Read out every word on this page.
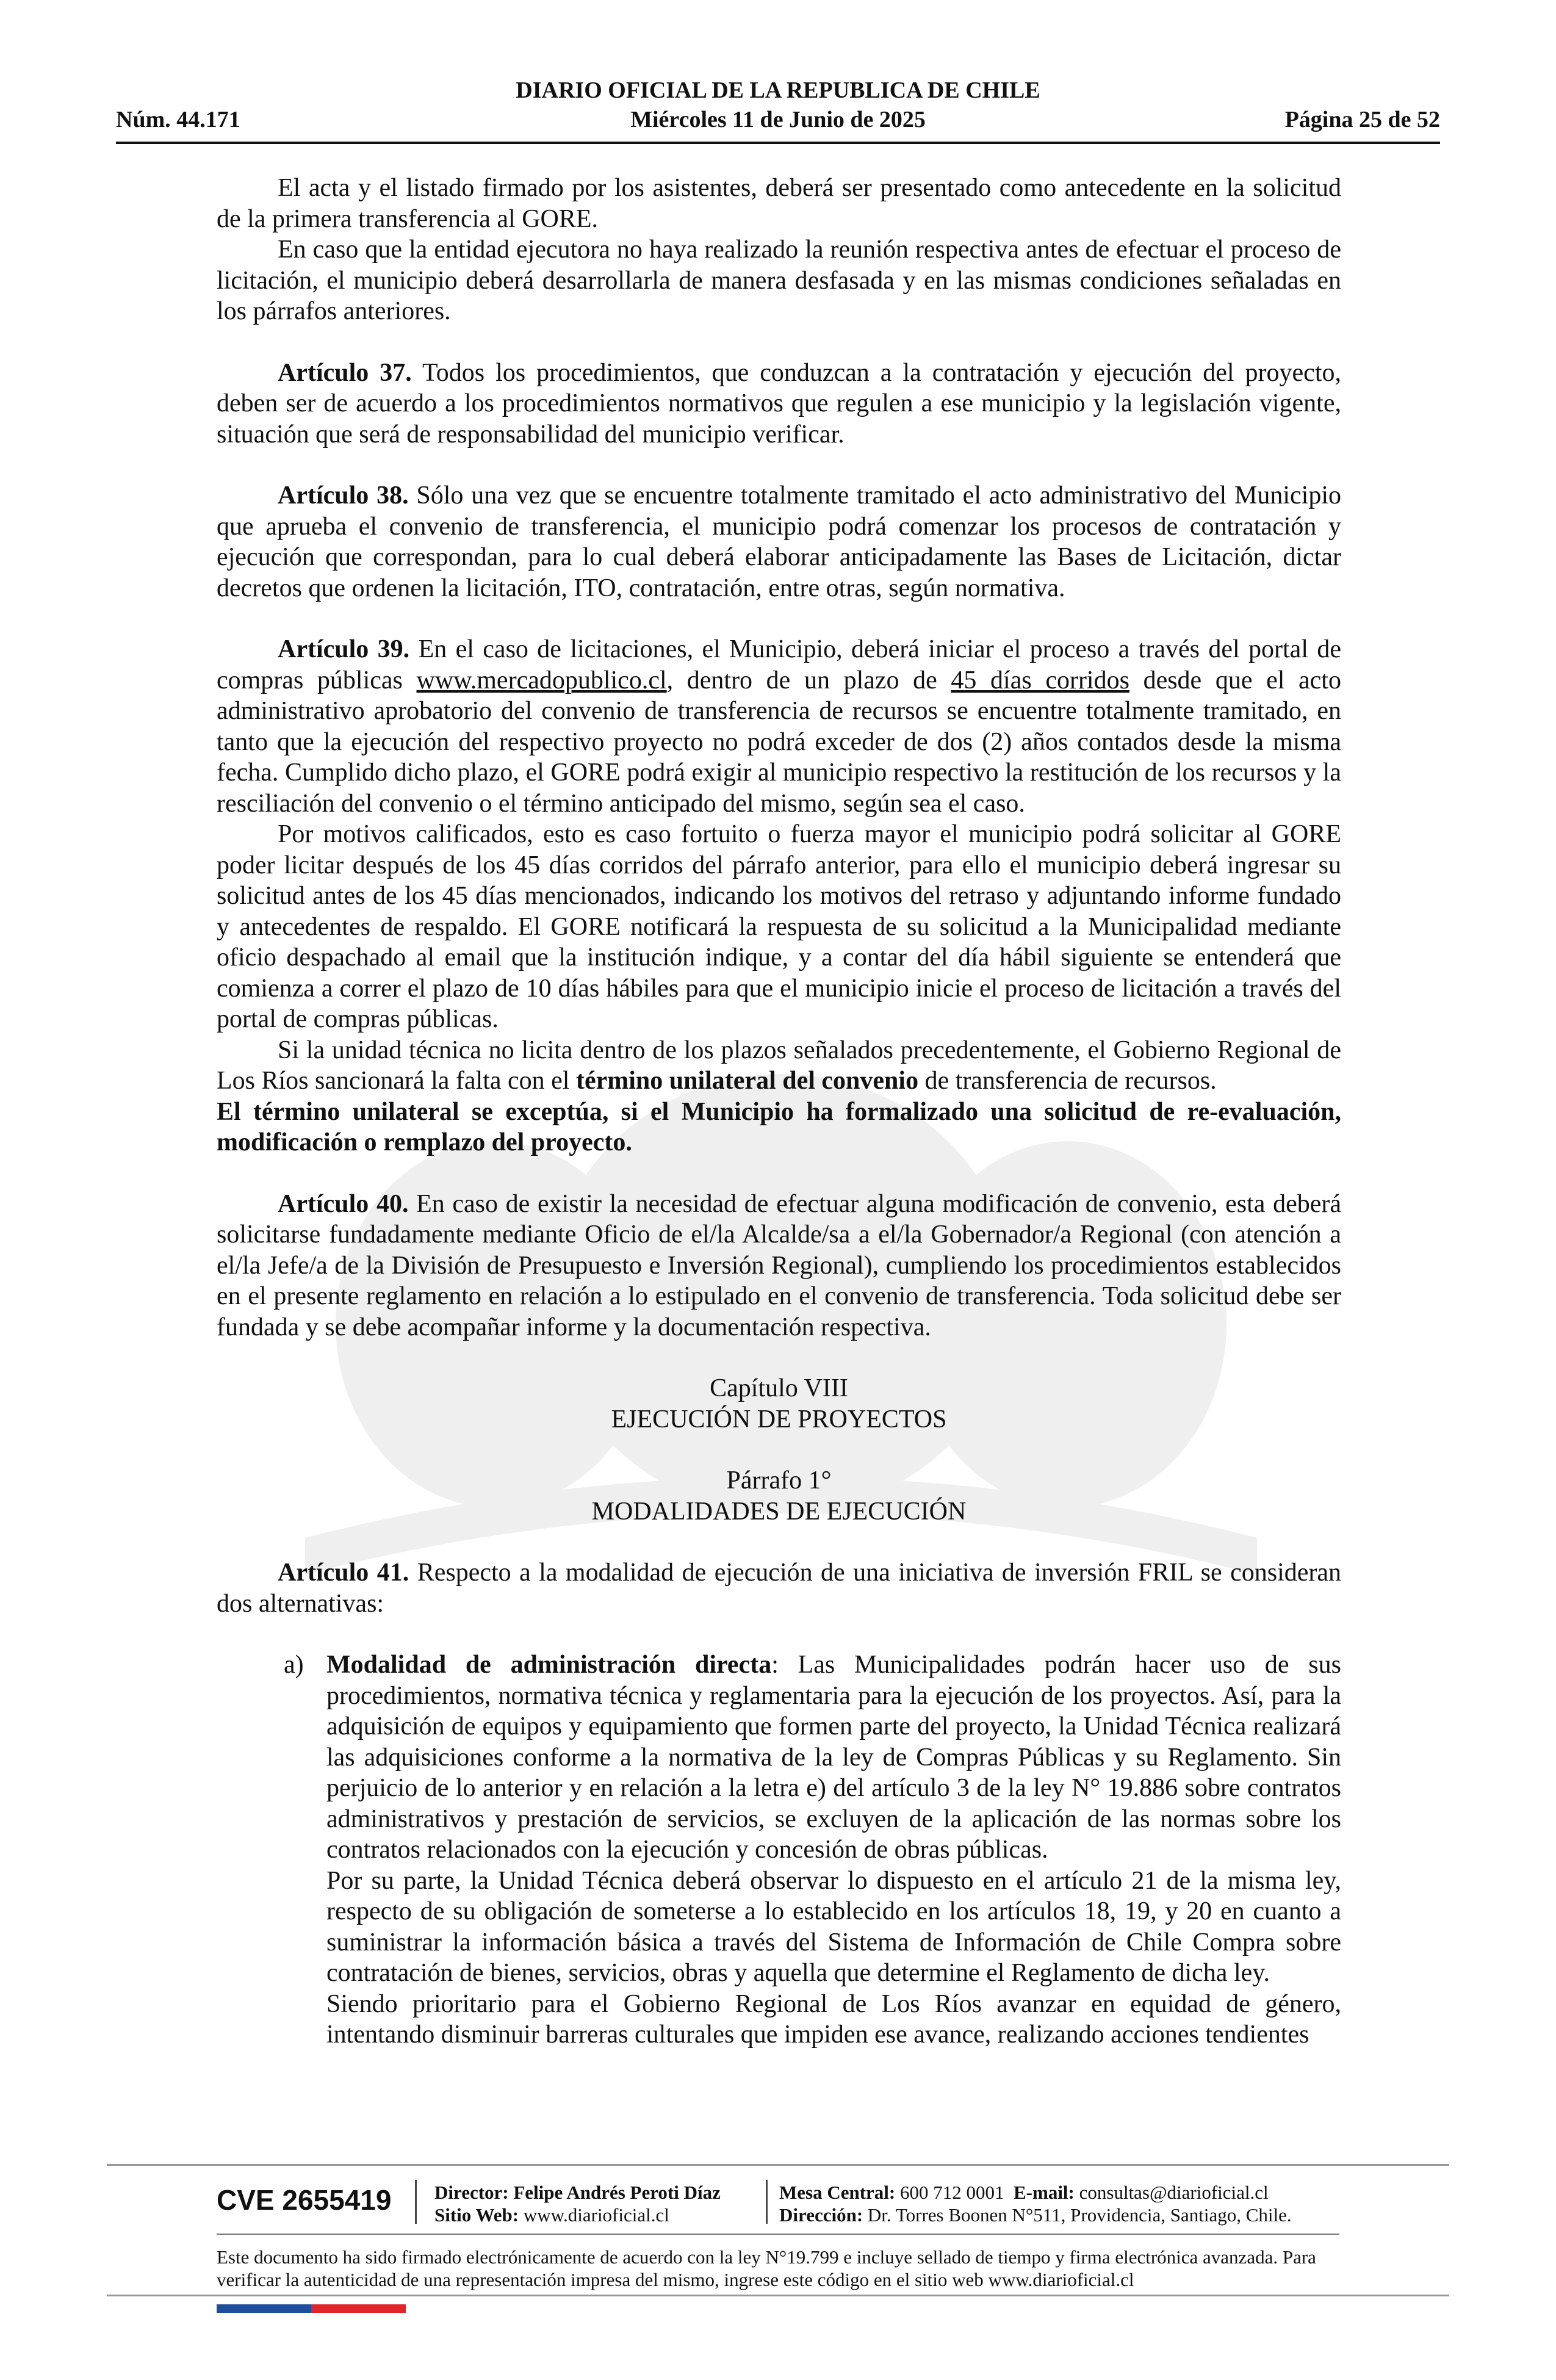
Núm. 44.171
DIARIO OFICIAL DE LA REPUBLICA DE CHILE
Miércoles 11 de Junio de 2025	Página 25 de 52

El acta y el listado firmado por los asistentes, deberá ser presentado como antecedente en la solicitud de la primera transferencia al GORE.

En caso que la entidad ejecutora no haya realizado la reunión respectiva antes de efectuar el proceso de licitación, el municipio deberá desarrollarla de manera desfasada y en las mismas condiciones señaladas en los párrafos anteriores.

Artículo 37. Todos los procedimientos, que conduzcan a la contratación y ejecución del proyecto, deben ser de acuerdo a los procedimientos normativos que regulen a ese municipio y la legislación vigente, situación que será de responsabilidad del municipio verificar.

Artículo 38. Sólo una vez que se encuentre totalmente tramitado el acto administrativo del Municipio que aprueba el convenio de transferencia, el municipio podrá comenzar los procesos de contratación y ejecución que correspondan, para lo cual deberá elaborar anticipadamente las Bases de Licitación, dictar decretos que ordenen la licitación, ITO, contratación, entre otras, según normativa.

Artículo 39. En el caso de licitaciones, el Municipio, deberá iniciar el proceso a través del portal de compras públicas www.mercadopublico.cl, dentro de un plazo de 45 días corridos desde que el acto administrativo aprobatorio del convenio de transferencia de recursos se encuentre totalmente tramitado, en tanto que la ejecución del respectivo proyecto no podrá exceder de dos (2) años contados desde la misma fecha. Cumplido dicho plazo, el GORE podrá exigir al municipio respectivo la restitución de los recursos y la resciliación del convenio o el término anticipado del mismo, según sea el caso.

Por motivos calificados, esto es caso fortuito o fuerza mayor el municipio podrá solicitar al GORE poder licitar después de los 45 días corridos del párrafo anterior, para ello el municipio deberá ingresar su solicitud antes de los 45 días mencionados, indicando los motivos del retraso y adjuntando informe fundado y antecedentes de respaldo. El GORE notificará la respuesta de su solicitud a la Municipalidad mediante oficio despachado al email que la institución indique, y a contar del día hábil siguiente se entenderá que comienza a correr el plazo de 10 días hábiles para que el municipio inicie el proceso de licitación a través del portal de compras públicas.

Si la unidad técnica no licita dentro de los plazos señalados precedentemente, el Gobierno Regional de Los Ríos sancionará la falta con el término unilateral del convenio de transferencia de recursos.
El término unilateral se exceptúa, si el Municipio ha formalizado una solicitud de re-evaluación, modificación o remplazo del proyecto.

Artículo 40. En caso de existir la necesidad de efectuar alguna modificación de convenio, esta deberá solicitarse fundadamente mediante Oficio de el/la Alcalde/sa a el/la Gobernador/a Regional (con atención a el/la Jefe/a de la División de Presupuesto e Inversión Regional), cumpliendo los procedimientos establecidos en el presente reglamento en relación a lo estipulado en el convenio de transferencia. Toda solicitud debe ser fundada y se debe acompañar informe y la documentación respectiva.

Capítulo VIII
EJECUCIÓN DE PROYECTOS

Párrafo 1°
MODALIDADES DE EJECUCIÓN

Artículo 41. Respecto a la modalidad de ejecución de una iniciativa de inversión FRIL se consideran dos alternativas:

a) Modalidad de administración directa: Las Municipalidades podrán hacer uso de sus procedimientos, normativa técnica y reglamentaria para la ejecución de los proyectos. Así, para la adquisición de equipos y equipamiento que formen parte del proyecto, la Unidad Técnica realizará las adquisiciones conforme a la normativa de la ley de Compras Públicas y su Reglamento. Sin perjuicio de lo anterior y en relación a la letra e) del artículo 3 de la ley N° 19.886 sobre contratos administrativos y prestación de servicios, se excluyen de la aplicación de las normas sobre los contratos relacionados con la ejecución y concesión de obras públicas.

Por su parte, la Unidad Técnica deberá observar lo dispuesto en el artículo 21 de la misma ley, respecto de su obligación de someterse a lo establecido en los artículos 18, 19, y 20 en cuanto a suministrar la información básica a través del Sistema de Información de Chile Compra sobre contratación de bienes, servicios, obras y aquella que determine el Reglamento de dicha ley.

Siendo prioritario para el Gobierno Regional de Los Ríos avanzar en equidad de género, intentando disminuir barreras culturales que impiden ese avance, realizando acciones tendientes

CVE 2655419 Director: Felipe Andrés Peroti Díaz
Sitio Web: www.diarioficial.cl
Mesa Central: 600 712 0001 E-mail: consultas@diarioficial.cl
Dirección: Dr. Torres Boonen N°511, Providencia, Santiago, Chile.
Este documento ha sido firmado electrónicamente de acuerdo con la ley N°19.799 e incluye sellado de tiempo y firma electrónica avanzada. Para verificar la autenticidad de una representación impresa del mismo, ingrese este código en el sitio web www.diarioficial.cl
